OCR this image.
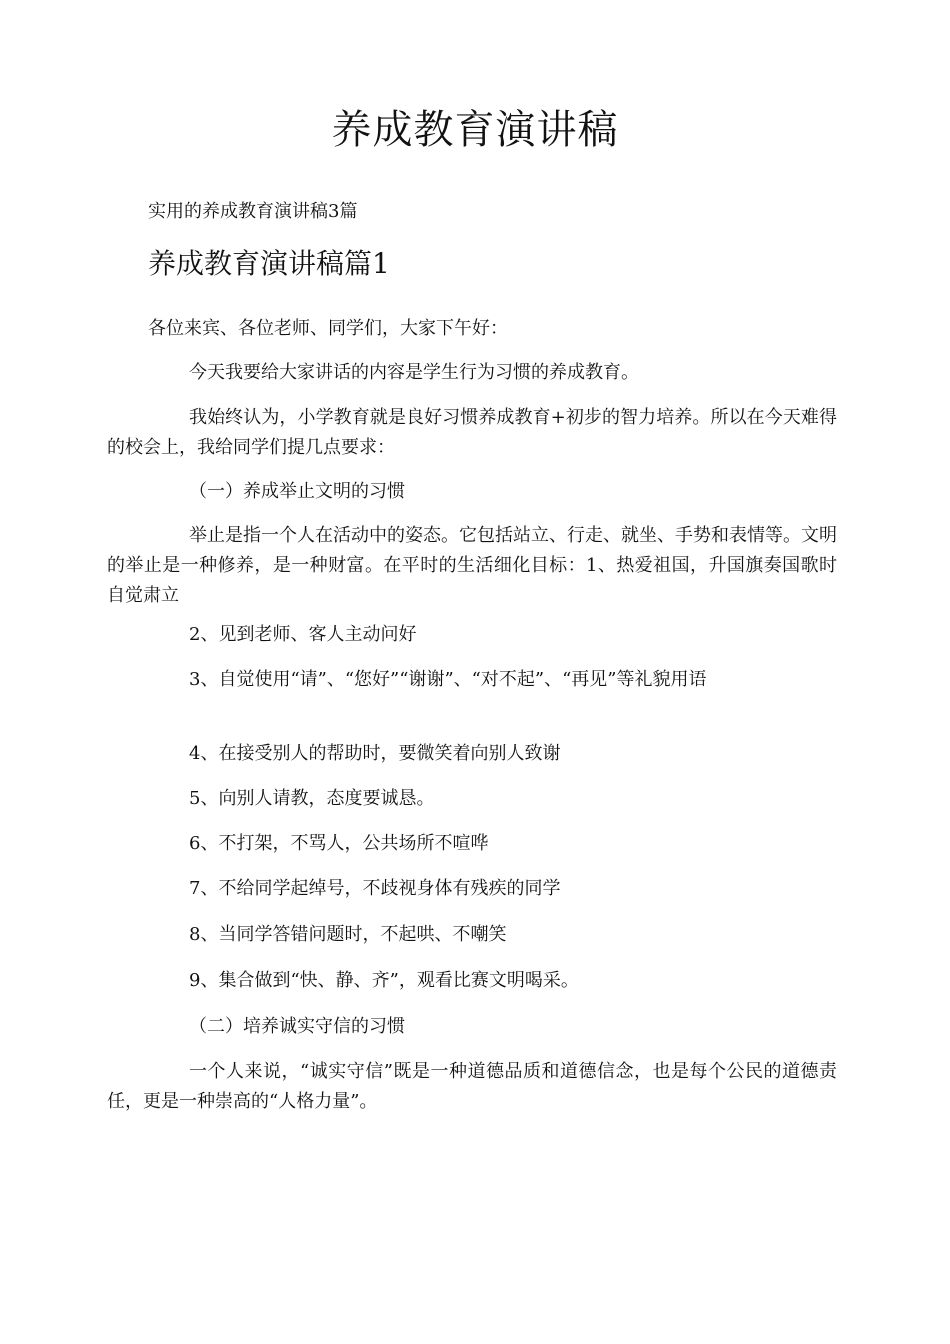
养成教育演讲稿

实用的养成教育演讲稿3篇

养成教育演讲稿篇1

各位来宾、各位老师、同学们，大家下午好：

今天我要给大家讲话的内容是学生行为习惯的养成教育。

我始终认为，小学教育就是良好习惯养成教育+初步的智力培养。所以在今天难得的校会上，我给同学们提几点要求：

（一）养成举止文明的习惯

举止是指一个人在活动中的姿态。它包括站立、行走、就坐、手势和表情等。文明的举止是一种修养，是一种财富。在平时的生活细化目标：1、热爱祖国，升国旗奏国歌时自觉肃立

2、见到老师、客人主动问好

3、自觉使用“请”、“您好”“谢谢”、“对不起”、“再见”等礼貌用语

4、在接受别人的帮助时，要微笑着向别人致谢

5、向别人请教，态度要诚恳。

6、不打架，不骂人，公共场所不喧哗

7、不给同学起绰号，不歧视身体有残疾的同学

8、当同学答错问题时，不起哄、不嘲笑

9、集合做到“快、静、齐”，观看比赛文明喝采。

（二）培养诚实守信的习惯

一个人来说，“诚实守信”既是一种道德品质和道德信念，也是每个公民的道德责任，更是一种崇高的“人格力量”。
